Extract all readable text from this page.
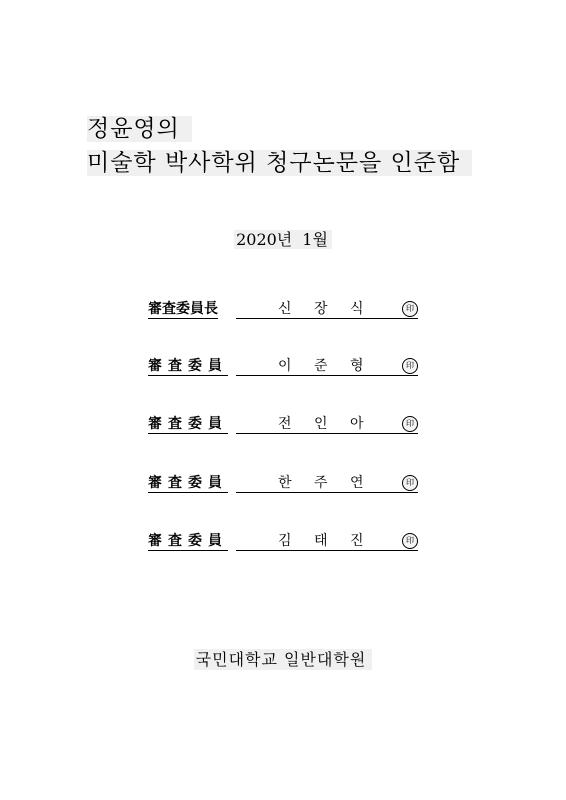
정윤영의
미술학 박사학위 청구논문을 인준함
2020년 1월
審査委員長	신 장 식	印
審査委員	이 준 형	印
審査委員	전 인 아	印
審査委員	한 주 연	印
審査委員	김 태 진	印
국민대학교 일반대학원
